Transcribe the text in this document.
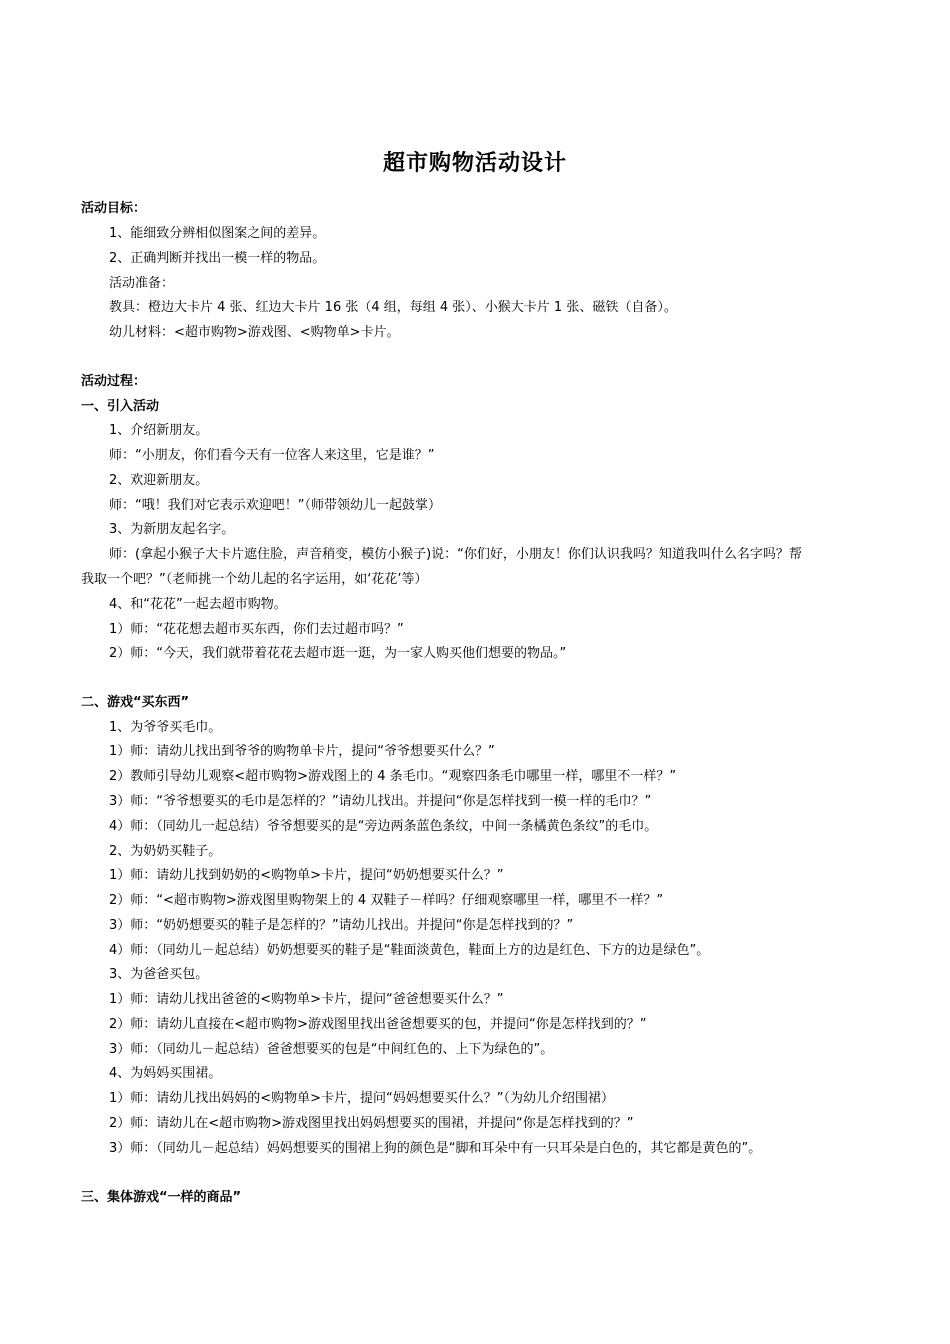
超市购物活动设计
活动目标：
1、能细致分辨相似图案之间的差异。
2、正确判断并找出一模一样的物品。
活动准备：
教具：橙边大卡片 4 张、红边大卡片 16 张（4 组，每组 4 张）、小猴大卡片 1 张、磁铁（自备）。
幼儿材料：<超市购物>游戏图、<购物单>卡片。
活动过程：
一、引入活动
1、介绍新朋友。
师：“小朋友，你们看今天有一位客人来这里，它是谁？”
2、欢迎新朋友。
师：“哦！我们对它表示欢迎吧！”（师带领幼儿一起鼓掌）
3、为新朋友起名字。
师：(拿起小猴子大卡片遮住脸，声音稍变，模仿小猴子)说：“你们好，小朋友！你们认识我吗？知道我叫什么名字吗？帮
我取一个吧？”（老师挑一个幼儿起的名字运用，如‘花花’等）
4、和“花花”一起去超市购物。
1）师：“花花想去超市买东西，你们去过超市吗？”
2）师：“今天，我们就带着花花去超市逛一逛，为一家人购买他们想要的物品。”
二、游戏“买东西”
1、为爷爷买毛巾。
1）师：请幼儿找出到爷爷的购物单卡片，提问“爷爷想要买什么？”
2）教师引导幼儿观察<超市购物>游戏图上的 4 条毛巾。“观察四条毛巾哪里一样，哪里不一样？”
3）师：“爷爷想要买的毛巾是怎样的？”请幼儿找出。并提问“你是怎样找到一模一样的毛巾？”
4）师：（同幼儿一起总结）爷爷想要买的是“旁边两条蓝色条纹，中间一条橘黄色条纹”的毛巾。
2、为奶奶买鞋子。
1）师：请幼儿找到奶奶的<购物单>卡片，提问“奶奶想要买什么？”
2）师：“<超市购物>游戏图里购物架上的 4 双鞋子－样吗？仔细观察哪里一样，哪里不一样？”
3）师：“奶奶想要买的鞋子是怎样的？”请幼儿找出。并提问“你是怎样找到的？”
4）师：（同幼儿－起总结）奶奶想要买的鞋子是“鞋面淡黄色，鞋面上方的边是红色、下方的边是绿色”。
3、为爸爸买包。
1）师：请幼儿找出爸爸的<购物单>卡片，提问“爸爸想要买什么？”
2）师：请幼儿直接在<超市购物>游戏图里找出爸爸想要买的包，并提问“你是怎样找到的？”
3）师：（同幼儿－起总结）爸爸想要买的包是“中间红色的、上下为绿色的”。
4、为妈妈买围裙。
1）师：请幼儿找出妈妈的<购物单>卡片，提问“妈妈想要买什么？”（为幼儿介绍围裙）
2）师：请幼儿在<超市购物>游戏图里找出妈妈想要买的围裙，并提问“你是怎样找到的？”
3）师：（同幼儿－起总结）妈妈想要买的围裙上狗的颜色是“脚和耳朵中有一只耳朵是白色的，其它都是黄色的”。
三、集体游戏“一样的商品”
